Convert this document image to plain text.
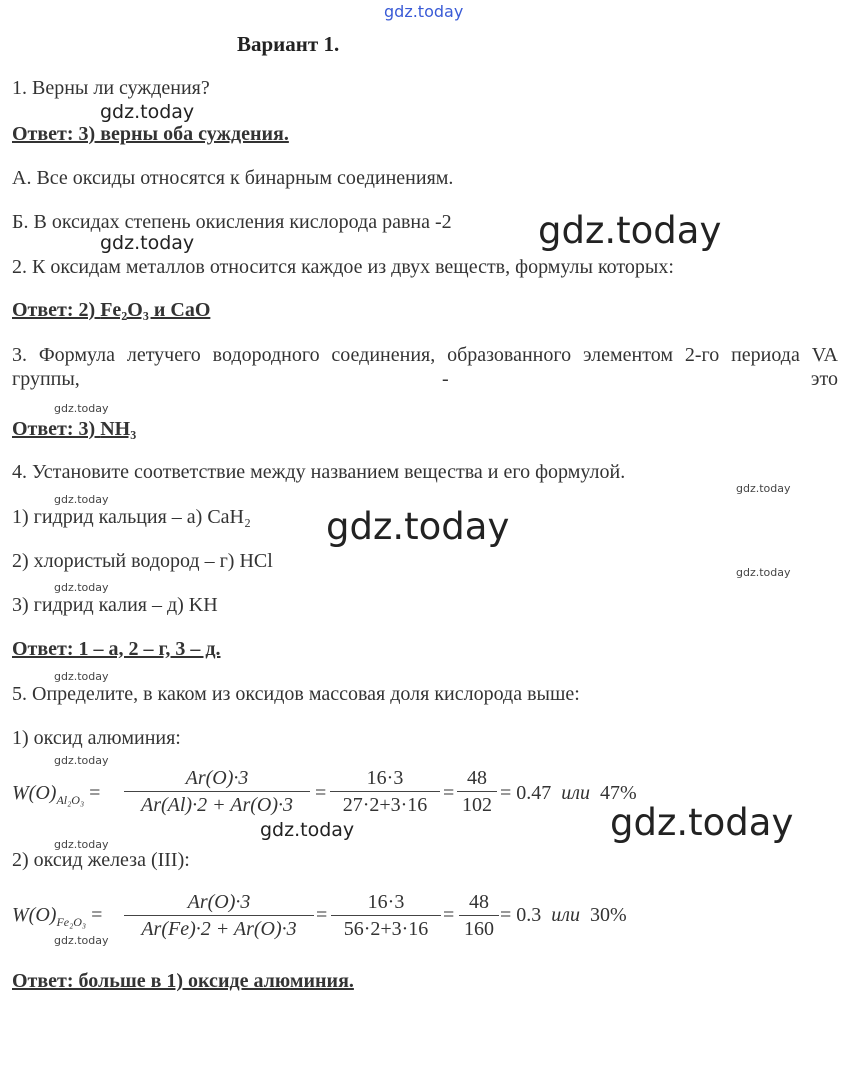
gdz.today
gdz.today
gdz.today
gdz.today
gdz.today
gdz.today
gdz.today
gdz.today
gdz.today
gdz.today
gdz.today
gdz.today
gdz.today
gdz.today
gdz.today
gdz.today
Вариант 1.
1. Верны ли суждения?
Ответ: 3) верны оба суждения.
А. Все оксиды относятся к бинарным соединениям.
Б. В оксидах степень окисления кислорода равна -2
2. К оксидам металлов относится каждое из двух веществ, формулы которых:
Ответ: 2) Fe₂O₃ и CaO
3. Формула летучего водородного соединения, образованного элементом 2-го периода VA группы, - это
Ответ: 3) NH₃
4. Установите соответствие между названием вещества и его формулой.
1) гидрид кальция – а) CaH₂
2) хлористый водород – г) HCl
3) гидрид калия – д) KH
Ответ: 1 – а, 2 – г, 3 – д.
5. Определите, в каком из оксидов массовая доля кислорода выше:
1) оксид алюминия:
$W(O)_{Al_2O_3}$ =
Ar(O)·3
Ar(Al)·2 + Ar(O)·3
=
16·3
27·2+3·16
=
48
102
= 0.47 или 47%
2) оксид железа (III):
$W(O)_{Fe_2O_3}$ =
Ar(O)·3
Ar(Fe)·2 + Ar(O)·3
=
16·3
56·2+3·16
=
48
160
= 0.3 или 30%
Ответ: больше в 1) оксиде алюминия.
